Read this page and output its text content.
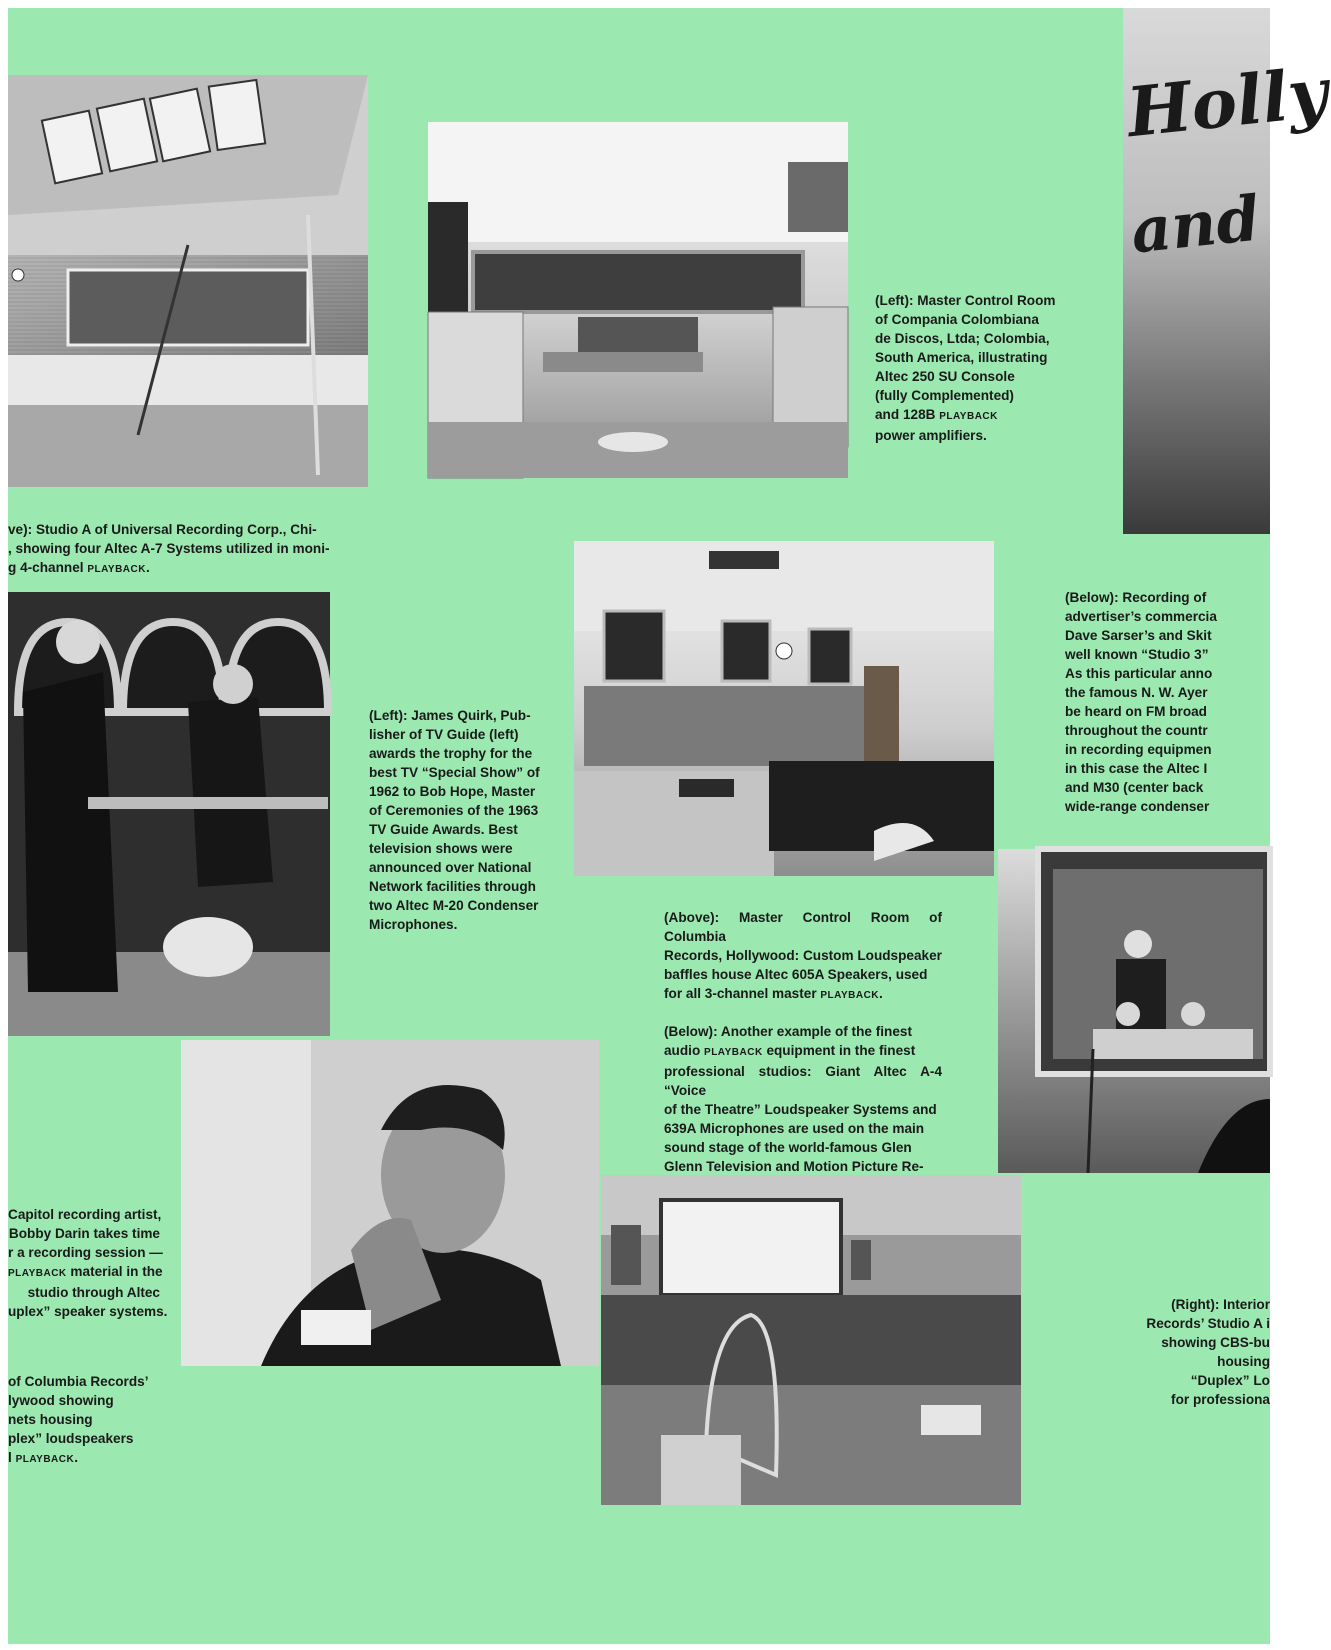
Holly
and

(Left): Master Control Room

of Compania Colombiana

de Discos, Ltda; Colombia,

South America, illustrating

Altec 250 SU Console

(fully Complemented)

and 128B PLAYBACK

power amplifiers.

ve): Studio A of Universal Recording Corp., Chi-

, showing four Altec A-7 Systems utilized in moni-

g 4-channel PLAYBACK.

(Left): James Quirk, Pub-

lisher of TV Guide (left)

awards the trophy for the

best TV “Special Show” of

1962 to Bob Hope, Master

of Ceremonies of the 1963

TV Guide Awards. Best

television shows were

announced over National

Network facilities through

two Altec M-20 Condenser

Microphones.

(Below): Recording of

advertiser’s commercia

Dave Sarser’s and Skit

well known “Studio 3”

As this particular anno

the famous N. W. Ayer

be heard on FM broad

throughout the countr

in recording equipmen

in this case the Altec I

and M30 (center back

wide-range condenser

(Above): Master Control Room of Columbia

Records, Hollywood: Custom Loudspeaker

baffles house Altec 605A Speakers, used

for all 3-channel master PLAYBACK.

(Below): Another example of the finest

audio PLAYBACK equipment in the finest

professional studios: Giant Altec A-4 “Voice

of the Theatre” Loudspeaker Systems and

639A Microphones are used on the main

sound stage of the world-famous Glen

Glenn Television and Motion Picture Re-

Capitol recording artist,

Bobby Darin takes time

r a recording session —

PLAYBACK material in the

studio through Altec

uplex” speaker systems.

of Columbia Records’

lywood showing

nets housing

plex” loudspeakers

l PLAYBACK.

(Right): Interior

Records’ Studio A i

showing CBS-bu

housing

“Duplex” Lo

for professiona
